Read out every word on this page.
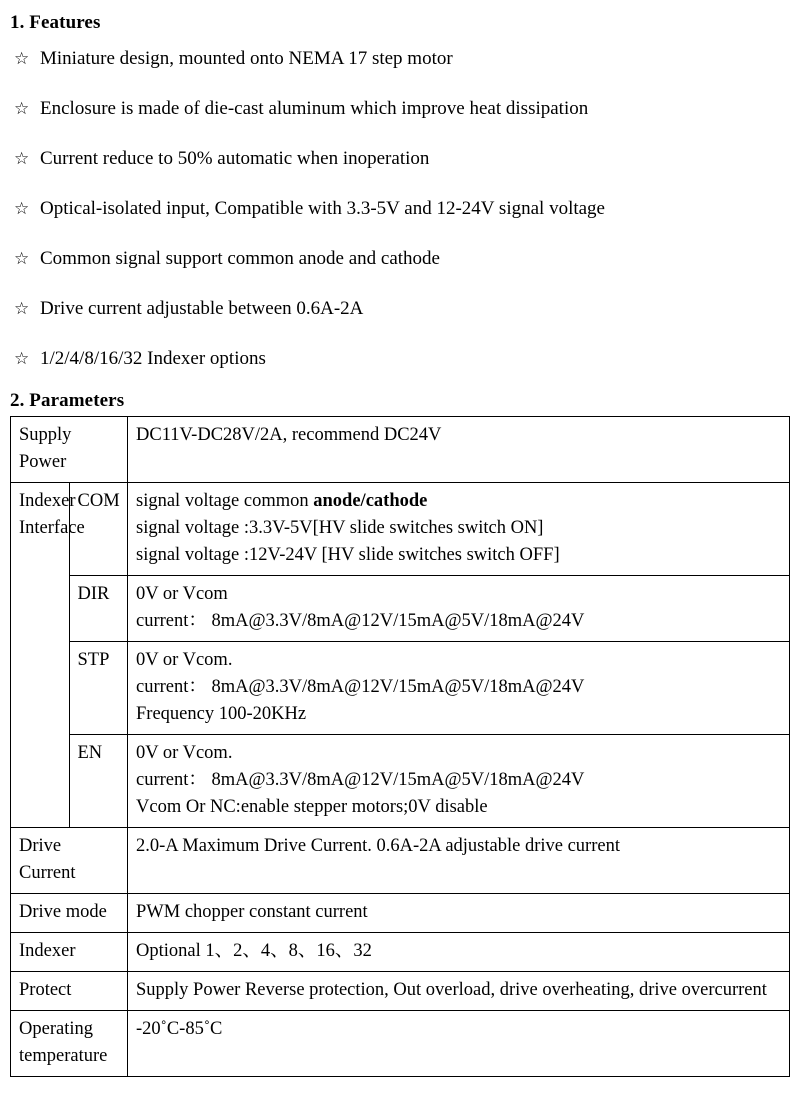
1. Features
☆ Miniature design, mounted onto NEMA 17 step motor
☆ Enclosure is made of die-cast aluminum which improve heat dissipation
☆ Current reduce to 50% automatic when inoperation
☆ Optical-isolated input, Compatible with 3.3-5V and 12-24V signal voltage
☆ Common signal support common anode and cathode
☆ Drive current adjustable between 0.6A-2A
☆ 1/2/4/8/16/32 Indexer options
2. Parameters
Supply Power		DC11V-DC28V/2A, recommend DC24V
Indexer
Interface	COM	signal voltage common anode/cathode
signal voltage :3.3V-5V[HV slide switches switch ON]
signal voltage :12V-24V [HV slide switches switch OFF]

	DIR	0V or Vcom
current： 8mA@3.3V/8mA@12V/15mA@5V/18mA@24V

	STP	0V or Vcom.
current： 8mA@3.3V/8mA@12V/15mA@5V/18mA@24V
Frequency 100-20KHz

	EN	0V or Vcom.
current： 8mA@3.3V/8mA@12V/15mA@5V/18mA@24V
Vcom Or NC:enable stepper motors;0V disable

Drive Current		2.0-A Maximum Drive Current. 0.6A-2A adjustable drive current
Drive mode		PWM chopper constant current
Indexer		Optional 1、2、4、8、16、32
Protect		Supply Power Reverse protection, Out overload, drive overheating, drive overcurrent
Operating
temperature		-20˚C-85˚C
